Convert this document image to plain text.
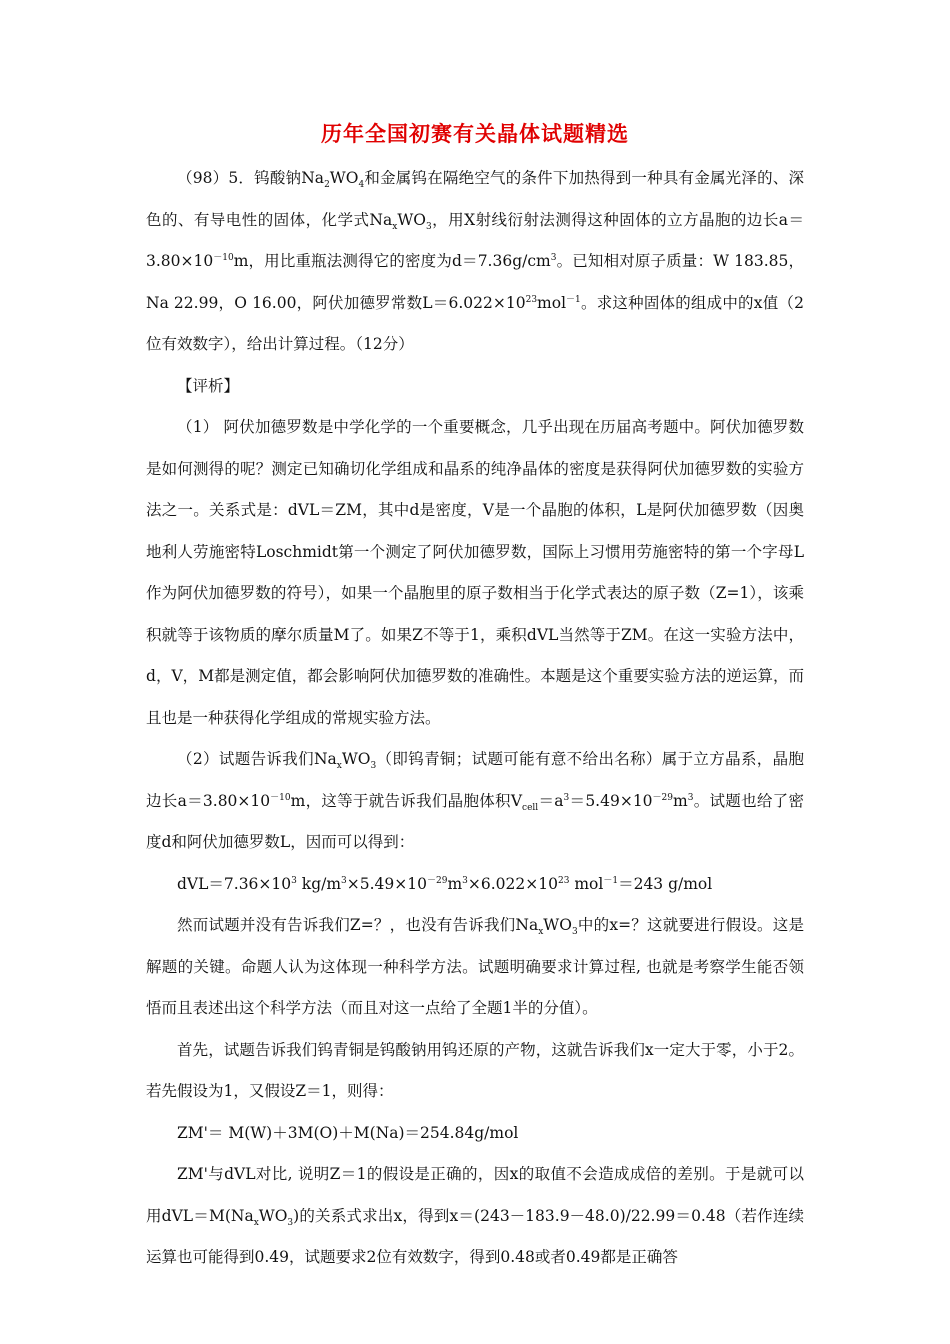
历年全国初赛有关晶体试题精选

（98）5．钨酸钠$Na_2WO_4$和金属钨在隔绝空气的条件下加热得到一种具有金属光泽的、深色的、有导电性的固体，化学式$Na_xWO_3$，用X射线衍射法测得这种固体的立方晶胞的边长$a=3.80\times 10^{-10}m$，用比重瓶法测得它的密度为$d=7.36g/cm^3$。已知相对原子质量：W 183.85，Na 22.99，O 16.00，阿伏加德罗常数$L=6.022\times 10^{23}mol^{-1}$。求这种固体的组成中的x值（2位有效数字），给出计算过程。（12分）

【评析】

（1） 阿伏加德罗数是中学化学的一个重要概念，几乎出现在历届高考题中。阿伏加德罗数是如何测得的呢？测定已知确切化学组成和晶系的纯净晶体的密度是获得阿伏加德罗数的实验方法之一。关系式是：dVL＝ZM，其中d是密度，V是一个晶胞的体积，L是阿伏加德罗数（因奥地利人劳施密特Loschmidt第一个测定了阿伏加德罗数，国际上习惯用劳施密特的第一个字母L作为阿伏加德罗数的符号），如果一个晶胞里的原子数相当于化学式表达的原子数（Z=1），该乘积就等于该物质的摩尔质量M了。如果Z不等于1，乘积dVL当然等于ZM。在这一实验方法中，d，V，M都是测定值，都会影响阿伏加德罗数的准确性。本题是这个重要实验方法的逆运算，而且也是一种获得化学组成的常规实验方法。

（2）试题告诉我们$Na_xWO_3$（即钨青铜；试题可能有意不给出名称）属于立方晶系，晶胞边长$a=3.80\times 10^{-10}m$，这等于就告诉我们晶胞体积$V_{cell}=a^3=5.49\times 10^{-29}m^3$。试题也给了密度d和阿伏加德罗数L，因而可以得到：

$dVL=7.36\times 10^3$ $kg/m^3\times 5.49\times 10^{-29}m^3\times 6.022\times 10^{23}$ mol$^{-1}$＝243 g/mol

然而试题并没有告诉我们Z=？，也没有告诉我们$Na_xWO_3$中的x=？这就要进行假设。这是解题的关键。命题人认为这体现一种科学方法。试题明确要求计算过程, 也就是考察学生能否领悟而且表述出这个科学方法（而且对这一点给了全题1半的分值）。

首先，试题告诉我们钨青铜是钨酸钠用钨还原的产物，这就告诉我们x一定大于零，小于2。若先假设为1，又假设Z＝1，则得：

ZM'＝ M(W)＋3M(O)＋M(Na)＝254.84g/mol

ZM'与dVL对比, 说明Z＝1的假设是正确的，因x的取值不会造成成倍的差别。于是就可以用$dVL=M(Na_xWO_3)$的关系式求出x，得到x＝(243－183.9－48.0)/22.99＝0.48（若作连续运算也可能得到0.49，试题要求2位有效数字，得到0.48或者0.49都是正确答
